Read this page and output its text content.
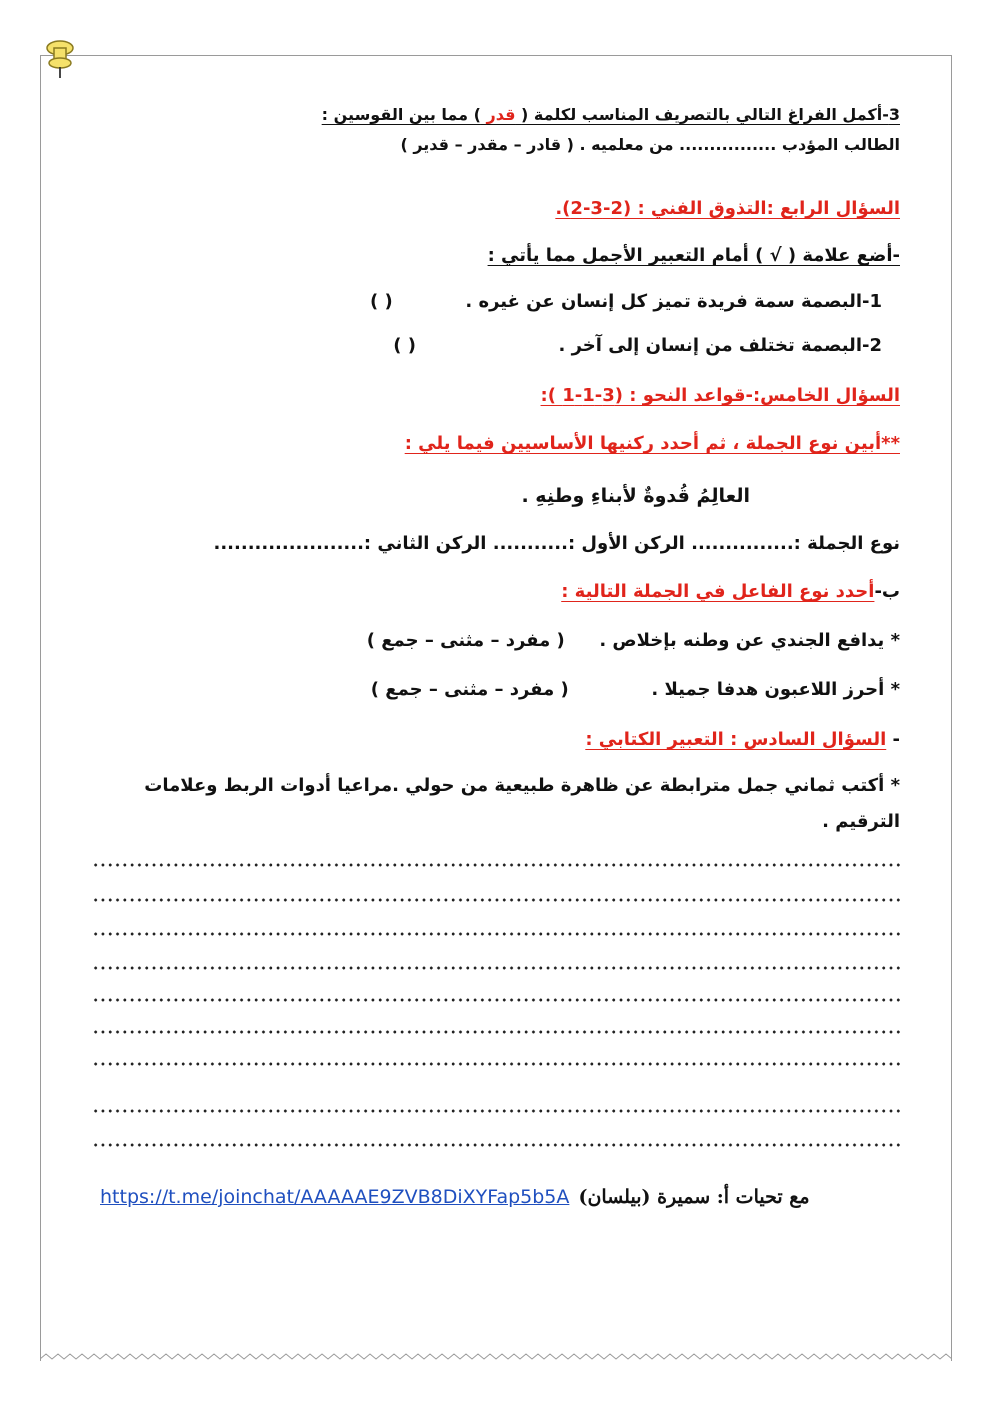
3-أكمل الفراغ التالي بالتصريف المناسب لكلمة ( قدر ) مما بين القوسين :
الطالب المؤدب ................ من معلميه . ( قادر – مقدر – قدير )
السؤال الرابع :التذوق الفني : (2-3-2).
-أضع علامة ( √ ) أمام التعبير الأجمل مما يأتي :
1-البصمة سمة فريدة تميز كل إنسان عن غيره .  ( )
2-البصمة تختلف من إنسان إلى آخر .  ( )
السؤال الخامس:-قواعد النحو : (3-1-1 ):
**أبين نوع الجملة ، ثم أحدد ركنيها الأساسيين فيما يلي :
العالِمُ قُدوةٌ لأبناءِ وطنِهِ .
نوع الجملة :............... الركن الأول :........... الركن الثاني :......................
ب-أحدد نوع الفاعل في الجملة التالية :
* يدافع الجندي عن وطنه بإخلاص .  ( مفرد – مثنى – جمع )
* أحرز اللاعبون هدفا جميلا .  ( مفرد – مثنى – جمع )
- السؤال السادس : التعبير الكتابي :
* أكتب ثماني جمل مترابطة عن ظاهرة طبيعية من حولي .مراعيا أدوات الربط وعلامات
الترقيم .
https://t.me/joinchat/AAAAAE9ZVB8DiXYFap5b5A مع تحيات أ: سميرة (بيلسان)
